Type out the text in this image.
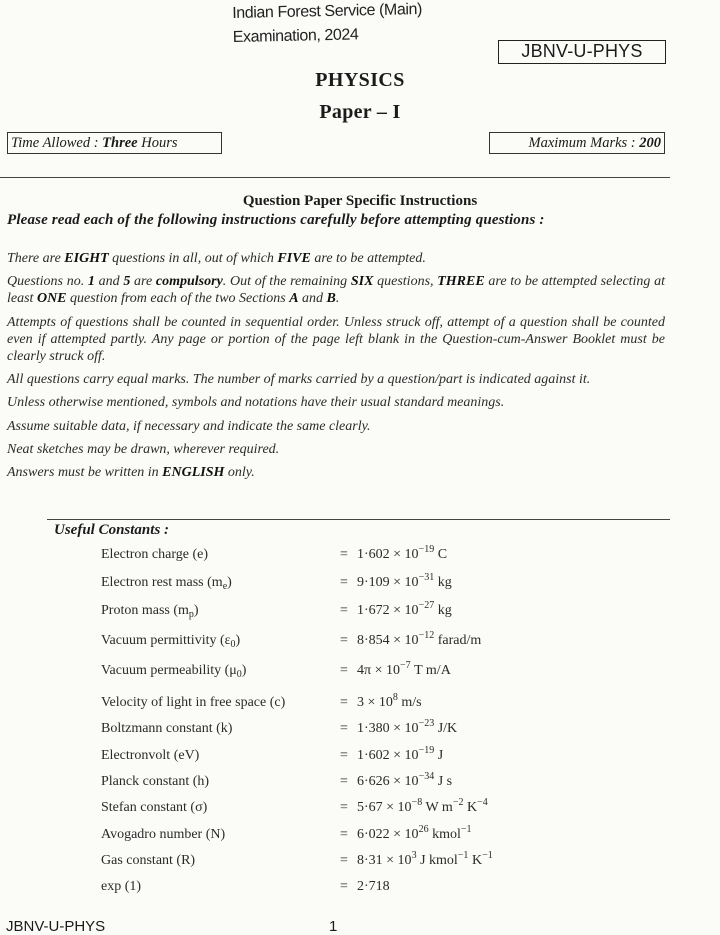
Indian Forest Service (Main)
Examination, 2024
JBNV-U-PHYS
PHYSICS
Paper – I
Time Allowed : Three Hours	Maximum Marks : 200
Question Paper Specific Instructions
Please read each of the following instructions carefully before attempting questions :

There are EIGHT questions in all, out of which FIVE are to be attempted.

Questions no. 1 and 5 are compulsory. Out of the remaining SIX questions, THREE are to be attempted selecting at least ONE question from each of the two Sections A and B.

Attempts of questions shall be counted in sequential order. Unless struck off, attempt of a question shall be counted even if attempted partly. Any page or portion of the page left blank in the Question-cum-Answer Booklet must be clearly struck off.

All questions carry equal marks. The number of marks carried by a question/part is indicated against it.

Unless otherwise mentioned, symbols and notations have their usual standard meanings.

Assume suitable data, if necessary and indicate the same clearly.

Neat sketches may be drawn, wherever required.

Answers must be written in ENGLISH only.

Useful Constants :
Electron charge (e)	= $1\cdot 602 \times 10^{-19}$ C
Electron rest mass $(m_e)$	= $9\cdot 109 \times 10^{-31}$ kg
Proton mass $(m_p)$	= $1\cdot 672 \times 10^{-27}$ kg
Vacuum permittivity $(\varepsilon_0)$	= $8\cdot 854 \times 10^{-12}$ farad/m
Vacuum permeability $(\mu_0)$	= $4\pi \times 10^{-7}$ T m/A
Velocity of light in free space (c)	= $3 \times 10^8$ m/s
Boltzmann constant (k)	= $1\cdot 380 \times 10^{-23}$ J/K
Electronvolt (eV)	= $1\cdot 602 \times 10^{-19}$ J
Planck constant (h)	= $6\cdot 626 \times 10^{-34}$ J s
Stefan constant (σ)	= $5\cdot 67 \times 10^{-8}$ W $m^{-2}$ $K^{-4}$
Avogadro number (N)	= $6\cdot 022 \times 10^{26}$ kmol$^{-1}$
Gas constant (R)	= $8\cdot 31 \times 10^3$ J kmol$^{-1}$ $K^{-1}$
exp (1)	= 2·718
JBNV-U-PHYS	1
